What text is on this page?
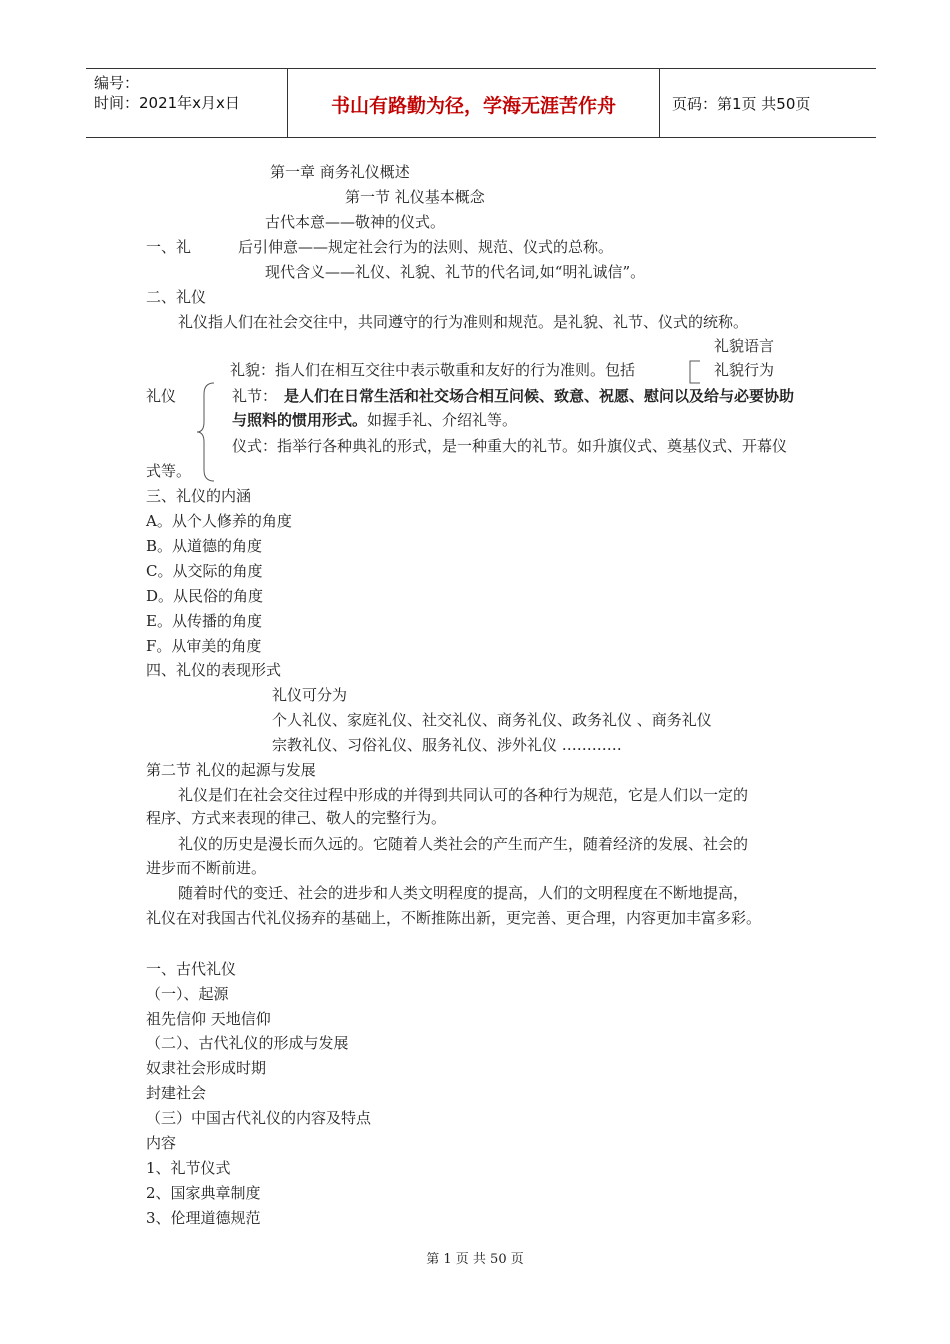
编号：
时间：2021年x月x日	书山有路勤为径，学海无涯苦作舟	页码：第1页 共50页
第一章 商务礼仪概述
第一节 礼仪基本概念
古代本意——敬神的仪式。
一、礼	后引伸意——规定社会行为的法则、规范、仪式的总称。
现代含义——礼仪、礼貌、礼节的代名词,如“明礼诚信”。
二、礼仪
礼仪指人们在社会交往中，共同遵守的行为准则和规范。是礼貌、礼节、仪式的统称。
礼貌语言
礼貌：指人们在相互交往中表示敬重和友好的行为准则。包括	礼貌行为
礼仪	礼节： 是人们在日常生活和社交场合相互问候、致意、祝愿、慰问以及给与必要协助
与照料的惯用形式。如握手礼、介绍礼等。
仪式：指举行各种典礼的形式，是一种重大的礼节。如升旗仪式、奠基仪式、开幕仪
式等。
三、礼仪的内涵
A。从个人修养的角度
B。从道德的角度
C。从交际的角度
D。从民俗的角度
E。从传播的角度
F。从审美的角度
四、礼仪的表现形式
礼仪可分为
个人礼仪、家庭礼仪、社交礼仪、商务礼仪、政务礼仪 、商务礼仪
宗教礼仪、习俗礼仪、服务礼仪、涉外礼仪 …………
第二节 礼仪的起源与发展
礼仪是们在社会交往过程中形成的并得到共同认可的各种行为规范，它是人们以一定的
程序、方式来表现的律己、敬人的完整行为。
礼仪的历史是漫长而久远的。它随着人类社会的产生而产生，随着经济的发展、社会的
进步而不断前进。
随着时代的变迁、社会的进步和人类文明程度的提高，人们的文明程度在不断地提高，
礼仪在对我国古代礼仪扬弃的基础上，不断推陈出新，更完善、更合理，内容更加丰富多彩。
一、古代礼仪
（一）、起源
祖先信仰 天地信仰
（二）、古代礼仪的形成与发展
奴隶社会形成时期
封建社会
（三）中国古代礼仪的内容及特点
内容
1、礼节仪式
2、国家典章制度
3、伦理道德规范
第 1 页 共 50 页
